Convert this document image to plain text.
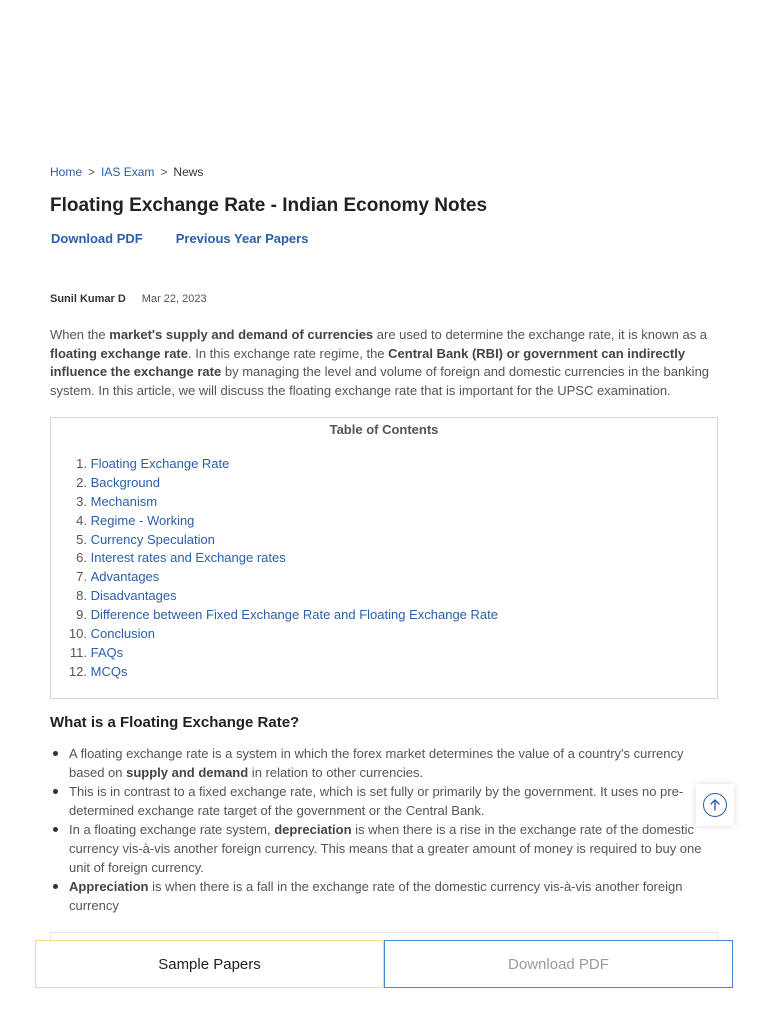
Home > IAS Exam > News
Floating Exchange Rate - Indian Economy Notes
Download PDF	Previous Year Papers
Sunil Kumar D Mar 22, 2023

When the market's supply and demand of currencies are used to determine the exchange rate, it is known as a floating exchange rate. In this exchange rate regime, the Central Bank (RBI) or government can indirectly influence the exchange rate by managing the level and volume of foreign and domestic currencies in the banking system. In this article, we will discuss the floating exchange rate that is important for the UPSC examination.

Table of Contents
1.
Floating Exchange Rate
2.
Background
3.
Mechanism
4.
Regime - Working
5.
Currency Speculation
6.
Interest rates and Exchange rates
7.
Advantages
8.
Disadvantages
9.
Difference between Fixed Exchange Rate and Floating Exchange Rate
10.
Conclusion
11.
FAQs
12.
MCQs
What is a Floating Exchange Rate?
A floating exchange rate is a system in which the forex market determines the value of a country's currency based on supply and demand in relation to other currencies.
This is in contrast to a fixed exchange rate, which is set fully or primarily by the government. It uses no pre-determined exchange rate target of the government or the Central Bank.
In a floating exchange rate system, depreciation is when there is a rise in the exchange rate of the domestic currency vis-à-vis another foreign currency. This means that a greater amount of money is required to buy one unit of foreign currency.
Appreciation is when there is a fall in the exchange rate of the domestic currency vis-à-vis another foreign currency
Sample Papers	Download PDF
